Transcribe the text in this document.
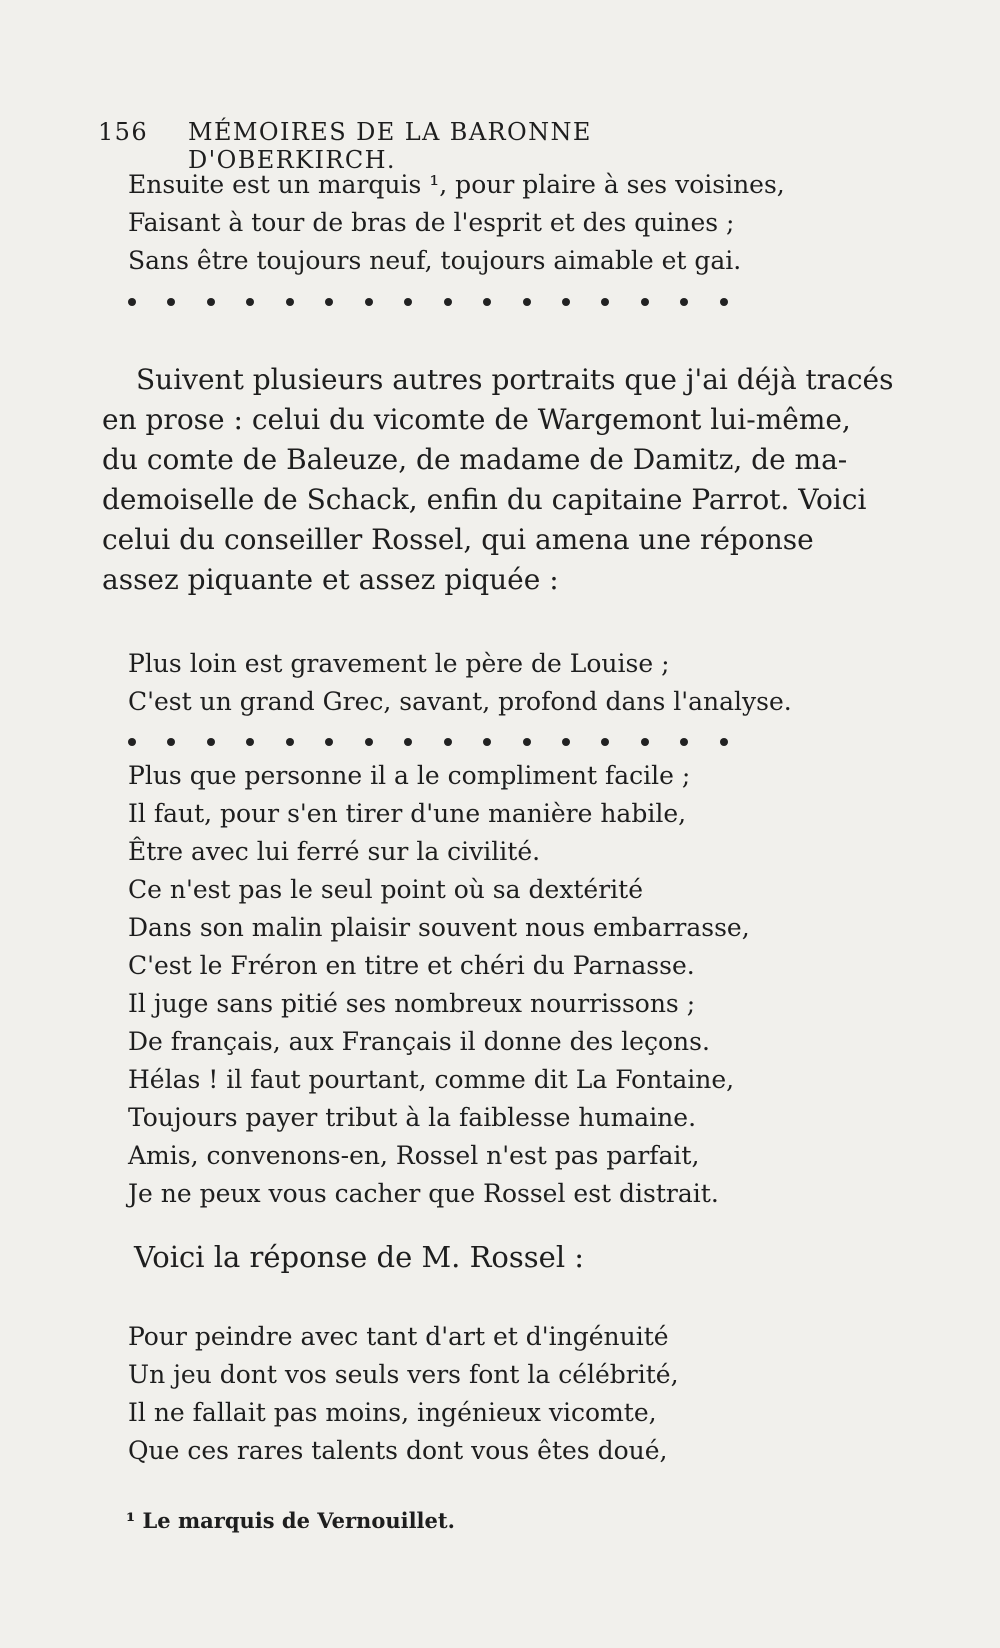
156 MÉMOIRES DE LA BARONNE D'OBERKIRCH.
Ensuite est un marquis ¹, pour plaire à ses voisines,
Faisant à tour de bras de l'esprit et des quines ;
Sans être toujours neuf, toujours aimable et gai.
Suivent plusieurs autres portraits que j'ai déjà tracés
en prose : celui du vicomte de Wargemont lui-même,
du comte de Baleuze, de madame de Damitz, de ma-
demoiselle de Schack, enfin du capitaine Parrot. Voici
celui du conseiller Rossel, qui amena une réponse
assez piquante et assez piquée :
Plus loin est gravement le père de Louise ;
C'est un grand Grec, savant, profond dans l'analyse.
Plus que personne il a le compliment facile ;
Il faut, pour s'en tirer d'une manière habile,
Être avec lui ferré sur la civilité.
Ce n'est pas le seul point où sa dextérité
Dans son malin plaisir souvent nous embarrasse,
C'est le Fréron en titre et chéri du Parnasse.
Il juge sans pitié ses nombreux nourrissons ;
De français, aux Français il donne des leçons.
Hélas ! il faut pourtant, comme dit La Fontaine,
Toujours payer tribut à la faiblesse humaine.
Amis, convenons-en, Rossel n'est pas parfait,
Je ne peux vous cacher que Rossel est distrait.
Voici la réponse de M. Rossel :
Pour peindre avec tant d'art et d'ingénuité
Un jeu dont vos seuls vers font la célébrité,
Il ne fallait pas moins, ingénieux vicomte,
Que ces rares talents dont vous êtes doué,
¹ Le marquis de Vernouillet.
